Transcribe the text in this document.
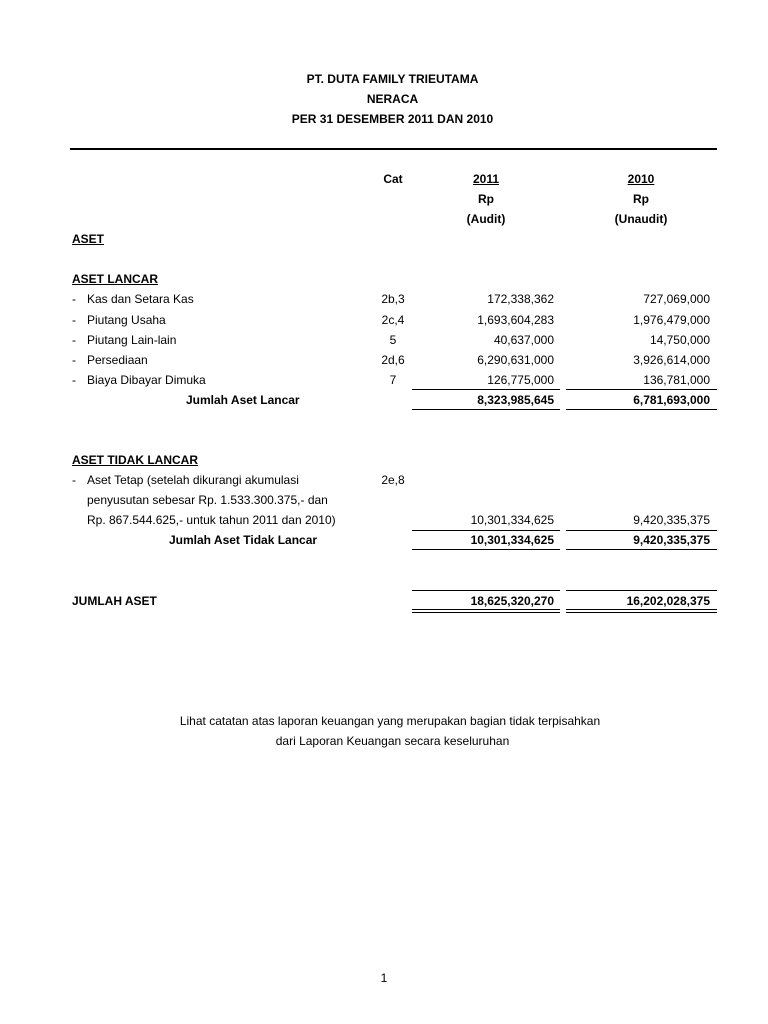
PT. DUTA FAMILY TRIEUTAMA
NERACA
PER 31 DESEMBER 2011 DAN 2010
Cat	2011
Rp
(Audit)
2010
Rp
(Unaudit)
ASET
ASET LANCAR
- Kas dan Setara Kas	2b,3	172,338,362	727,069,000
- Piutang Usaha	2c,4	1,693,604,283	1,976,479,000
- Piutang Lain-lain	5	40,637,000	14,750,000
- Persediaan	2d,6	6,290,631,000	3,926,614,000
- Biaya Dibayar Dimuka	7	126,775,000	136,781,000
Jumlah Aset Lancar	8,323,985,645	6,781,693,000
ASET TIDAK LANCAR
- Aset Tetap (setelah dikurangi akumulasi	2e,8
penyusutan sebesar Rp. 1.533.300.375,- dan
Rp. 867.544.625,- untuk tahun 2011 dan 2010)	10,301,334,625	9,420,335,375
Jumlah Aset Tidak Lancar	10,301,334,625	9,420,335,375
JUMLAH ASET	18,625,320,270	16,202,028,375
Lihat catatan atas laporan keuangan yang merupakan bagian tidak terpisahkan
dari Laporan Keuangan secara keseluruhan
1
